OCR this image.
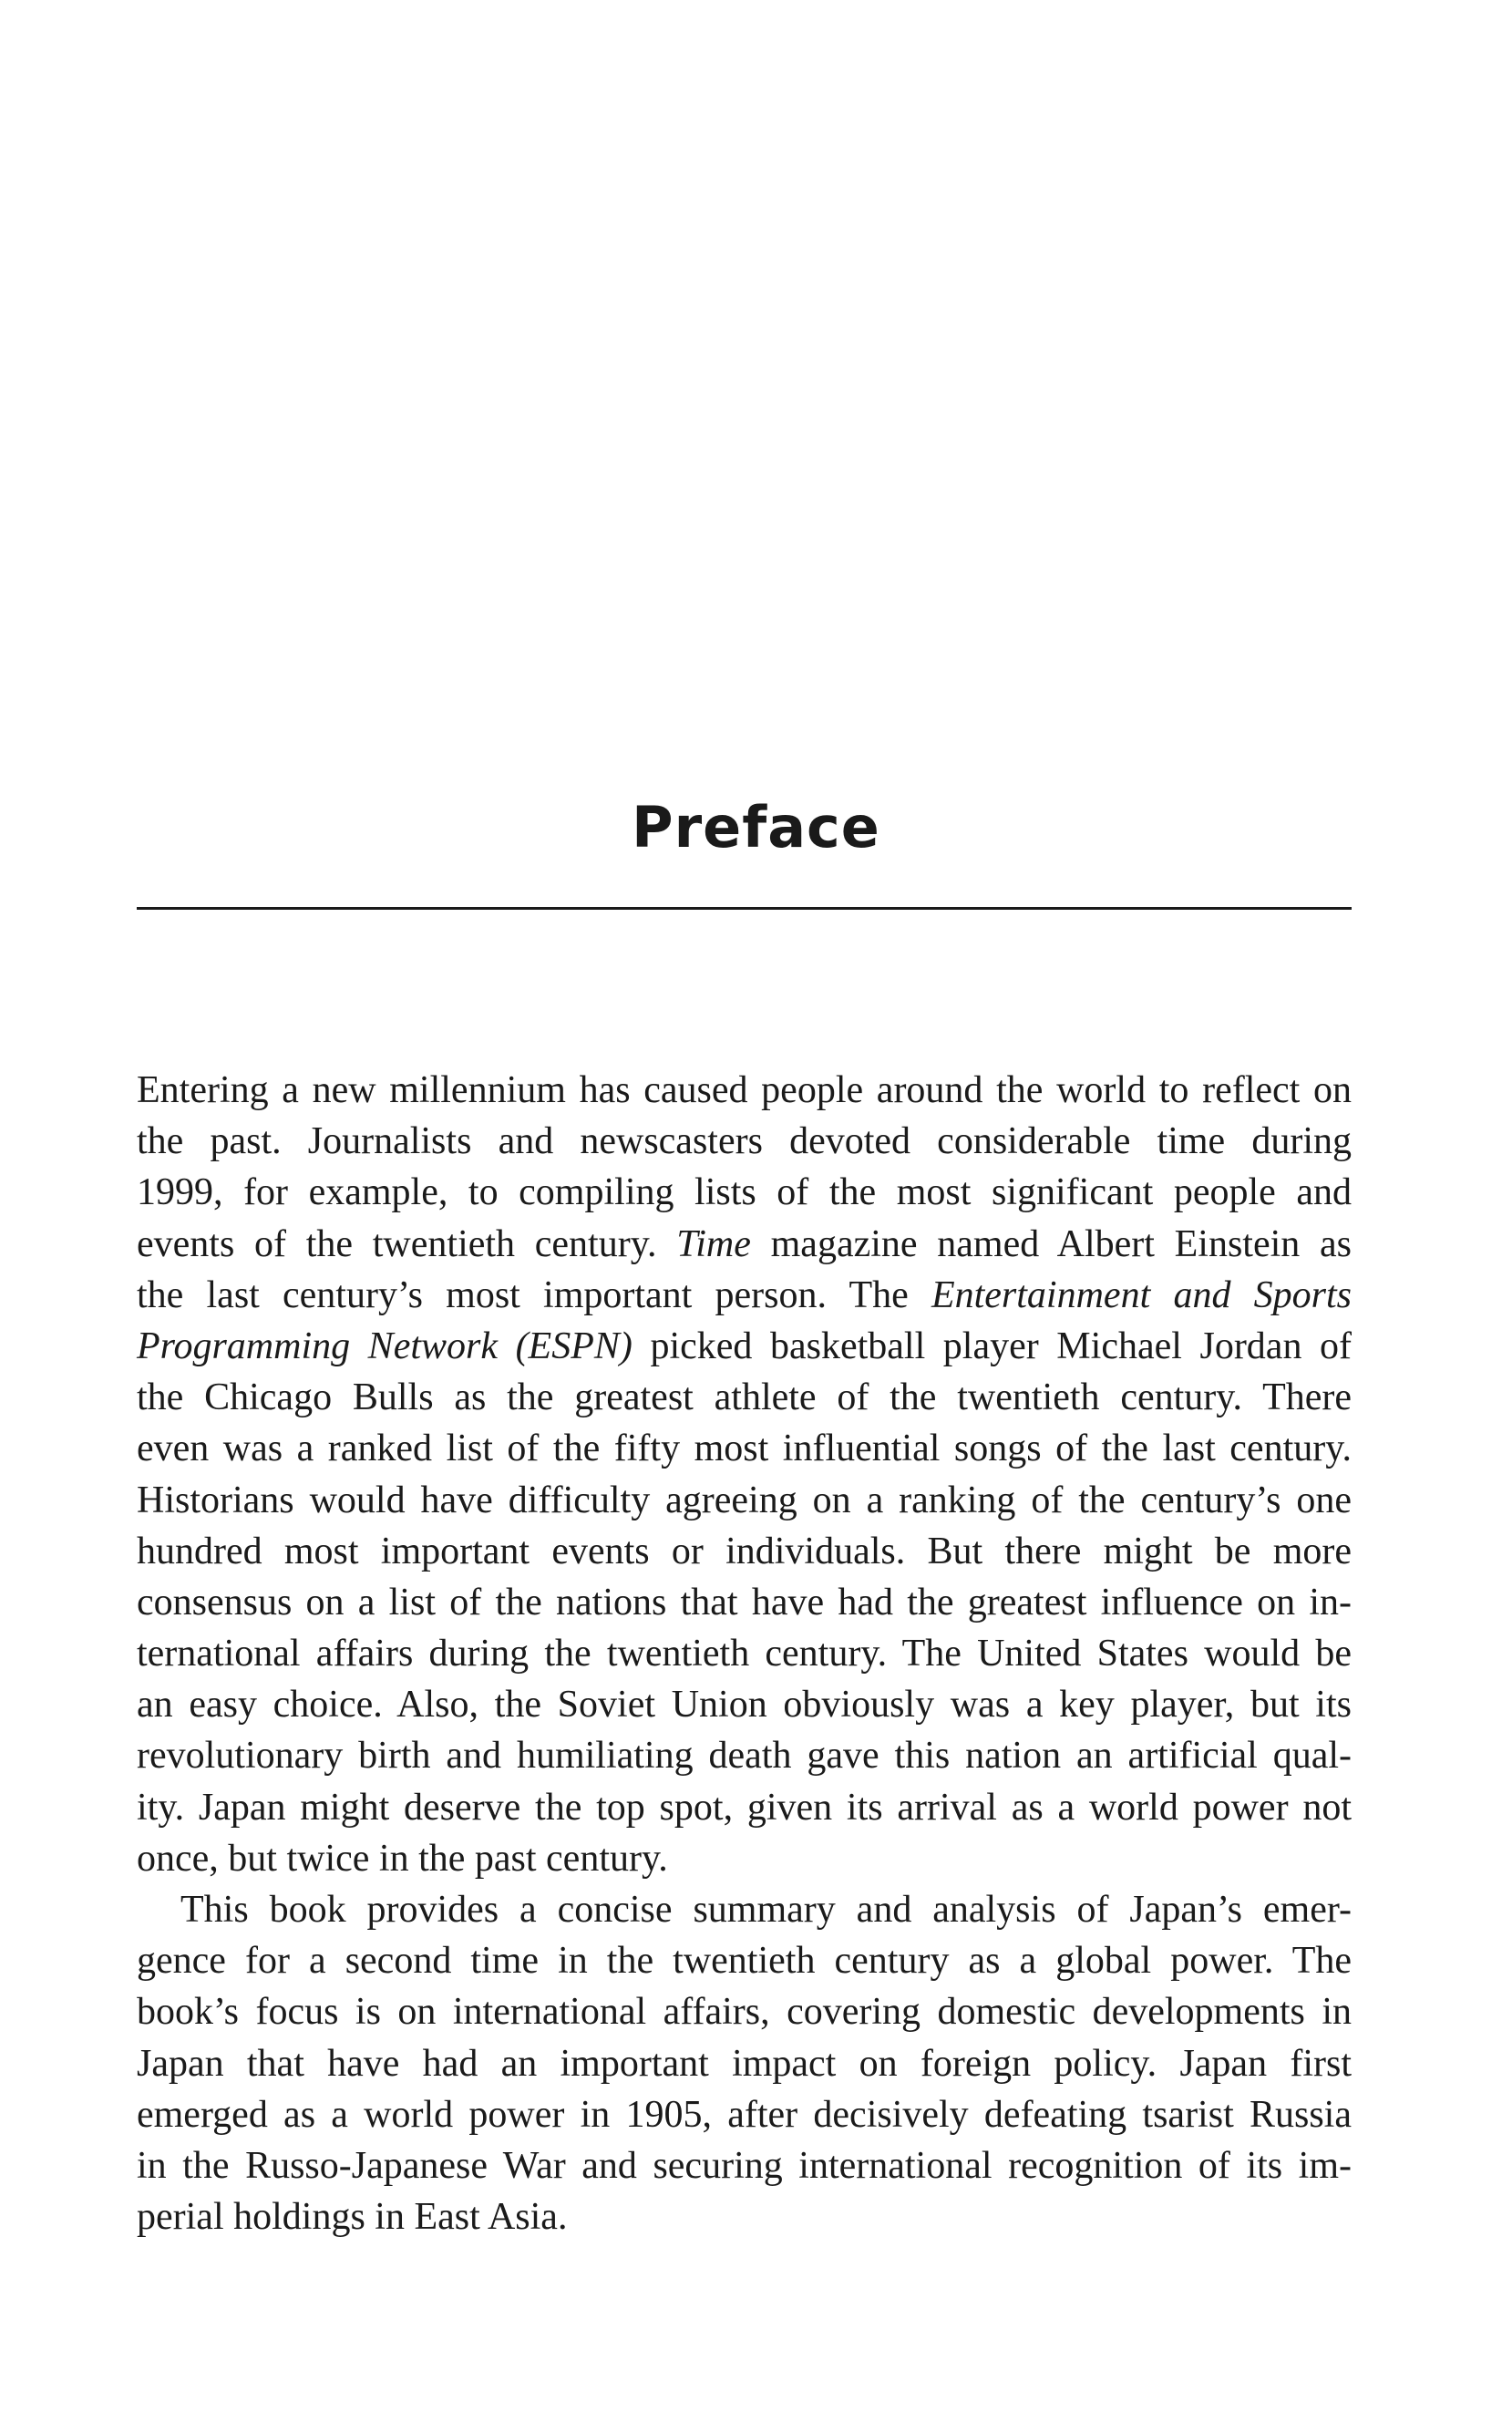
Preface
Entering a new millennium has caused people around the world to reflect on
the past. Journalists and newscasters devoted considerable time during
1999, for example, to compiling lists of the most significant people and
events of the twentieth century. Time magazine named Albert Einstein as
the last century’s most important person. The Entertainment and Sports
Programming Network (ESPN) picked basketball player Michael Jordan of
the Chicago Bulls as the greatest athlete of the twentieth century. There
even was a ranked list of the fifty most influential songs of the last century.
Historians would have difficulty agreeing on a ranking of the century’s one
hundred most important events or individuals. But there might be more
consensus on a list of the nations that have had the greatest influence on in-
ternational affairs during the twentieth century. The United States would be
an easy choice. Also, the Soviet Union obviously was a key player, but its
revolutionary birth and humiliating death gave this nation an artificial qual-
ity. Japan might deserve the top spot, given its arrival as a world power not
once, but twice in the past century.
This book provides a concise summary and analysis of Japan’s emer-
gence for a second time in the twentieth century as a global power. The
book’s focus is on international affairs, covering domestic developments in
Japan that have had an important impact on foreign policy. Japan first
emerged as a world power in 1905, after decisively defeating tsarist Russia
in the Russo-Japanese War and securing international recognition of its im-
perial holdings in East Asia.
